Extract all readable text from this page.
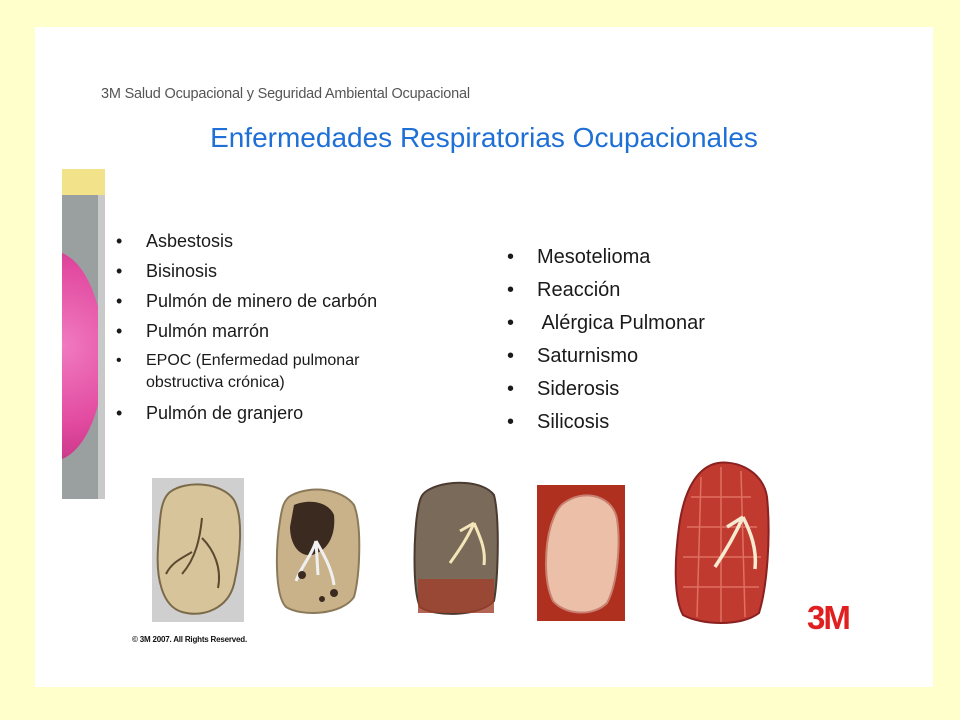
3M Salud Ocupacional y Seguridad Ambiental Ocupacional
Enfermedades Respiratorias Ocupacionales
• Asbestosis
• Bisinosis
• Pulmón de minero de carbón
• Pulmón marrón
• EPOC (Enfermedad pulmonar obstructiva crónica)
• Pulmón de granjero
• Mesotelioma
• Reacción
•  Alérgica Pulmonar
• Saturnismo
• Siderosis
• Silicosis
© 3M 2007. All Rights Reserved.
3M
